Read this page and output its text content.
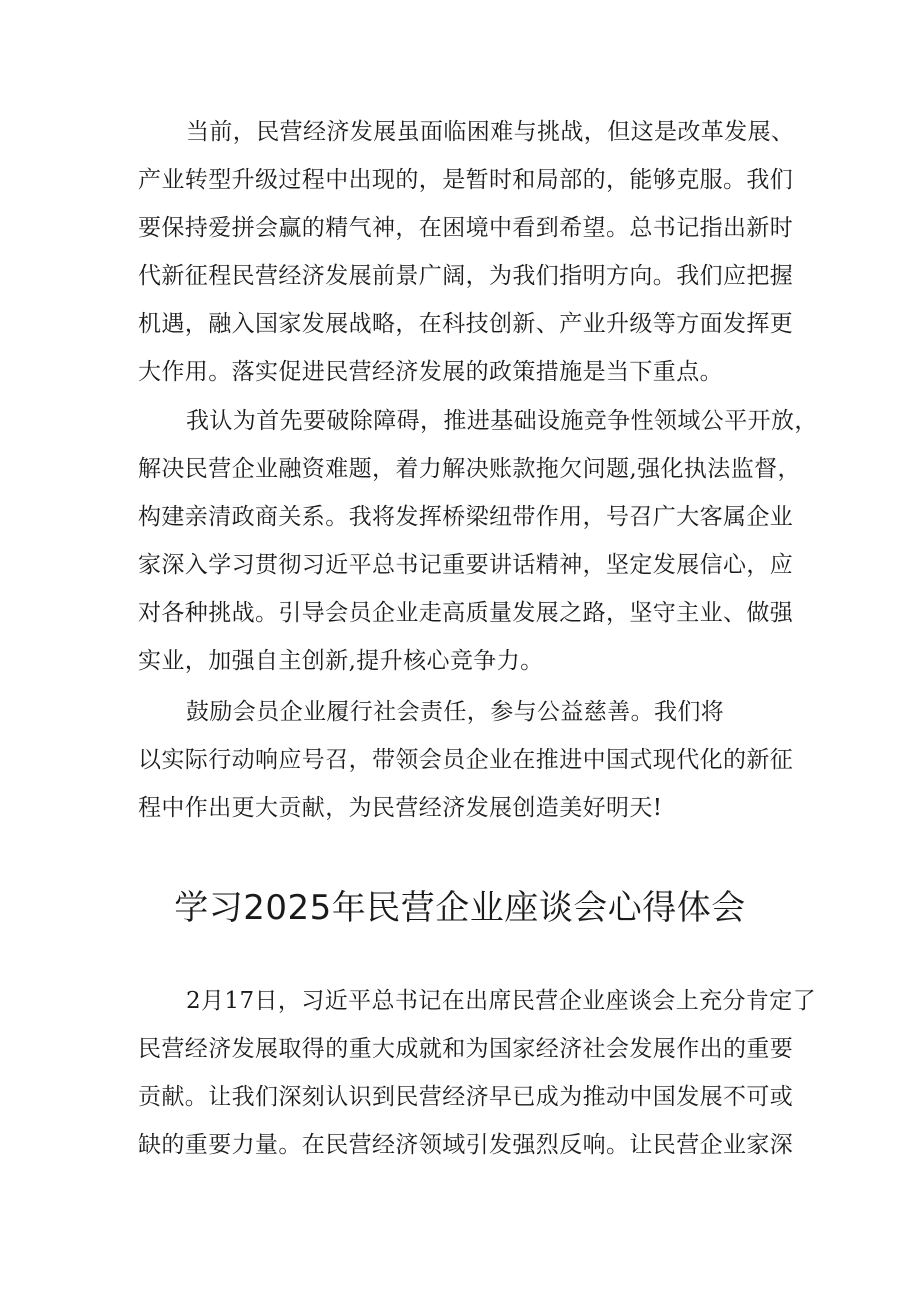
当前，民营经济发展虽面临困难与挑战，但这是改革发展、
产业转型升级过程中出现的，是暂时和局部的，能够克服。我们
要保持爱拼会赢的精气神，在困境中看到希望。总书记指出新时
代新征程民营经济发展前景广阔，为我们指明方向。我们应把握
机遇，融入国家发展战略，在科技创新、产业升级等方面发挥更
大作用。落实促进民营经济发展的政策措施是当下重点。
我认为首先要破除障碍，推进基础设施竞争性领域公平开放，
解决民营企业融资难题，着力解决账款拖欠问题,强化执法监督，
构建亲清政商关系。我将发挥桥梁纽带作用，号召广大客属企业
家深入学习贯彻习近平总书记重要讲话精神，坚定发展信心，应
对各种挑战。引导会员企业走高质量发展之路，坚守主业、做强
实业，加强自主创新,提升核心竞争力。
鼓励会员企业履行社会责任，参与公益慈善。我们将
以实际行动响应号召，带领会员企业在推进中国式现代化的新征
程中作出更大贡献，为民营经济发展创造美好明天!
学习2025年民营企业座谈会心得体会
2月17日，习近平总书记在出席民营企业座谈会上充分肯定了
民营经济发展取得的重大成就和为国家经济社会发展作出的重要
贡献。让我们深刻认识到民营经济早已成为推动中国发展不可或
缺的重要力量。在民营经济领域引发强烈反响。让民营企业家深
